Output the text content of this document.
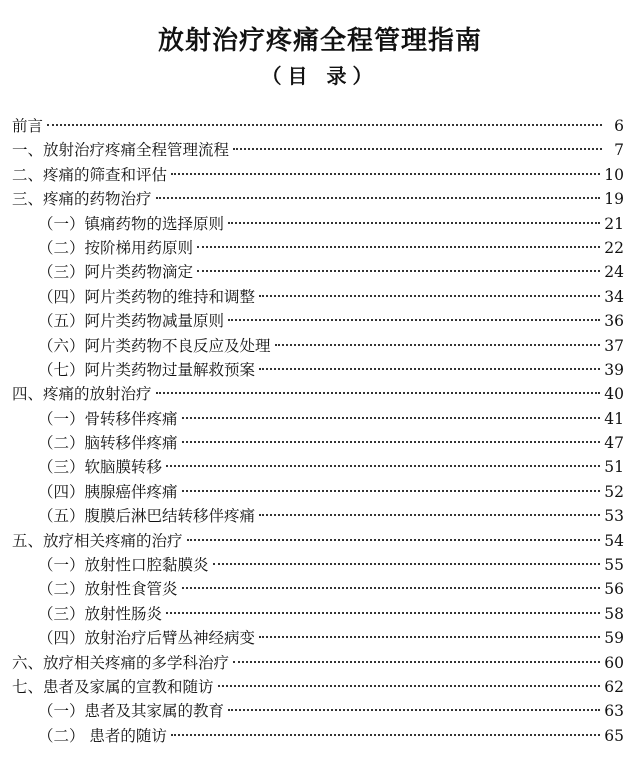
放射治疗疼痛全程管理指南
（目 录）
前言	6
一、放射治疗疼痛全程管理流程	7
二、疼痛的筛查和评估	10
三、疼痛的药物治疗	19
（一）镇痛药物的选择原则	21
（二）按阶梯用药原则	22
（三）阿片类药物滴定	24
（四）阿片类药物的维持和调整	34
（五）阿片类药物减量原则	36
（六）阿片类药物不良反应及处理	37
（七）阿片类药物过量解救预案	39
四、疼痛的放射治疗	40
（一）骨转移伴疼痛	41
（二）脑转移伴疼痛	47
（三）软脑膜转移	51
（四）胰腺癌伴疼痛	52
（五）腹膜后淋巴结转移伴疼痛	53
五、放疗相关疼痛的治疗	54
（一）放射性口腔黏膜炎	55
（二）放射性食管炎	56
（三）放射性肠炎	58
（四）放射治疗后臂丛神经病变	59
六、放疗相关疼痛的多学科治疗	60
七、患者及家属的宣教和随访	62
（一）患者及其家属的教育	63
（二） 患者的随访	65
